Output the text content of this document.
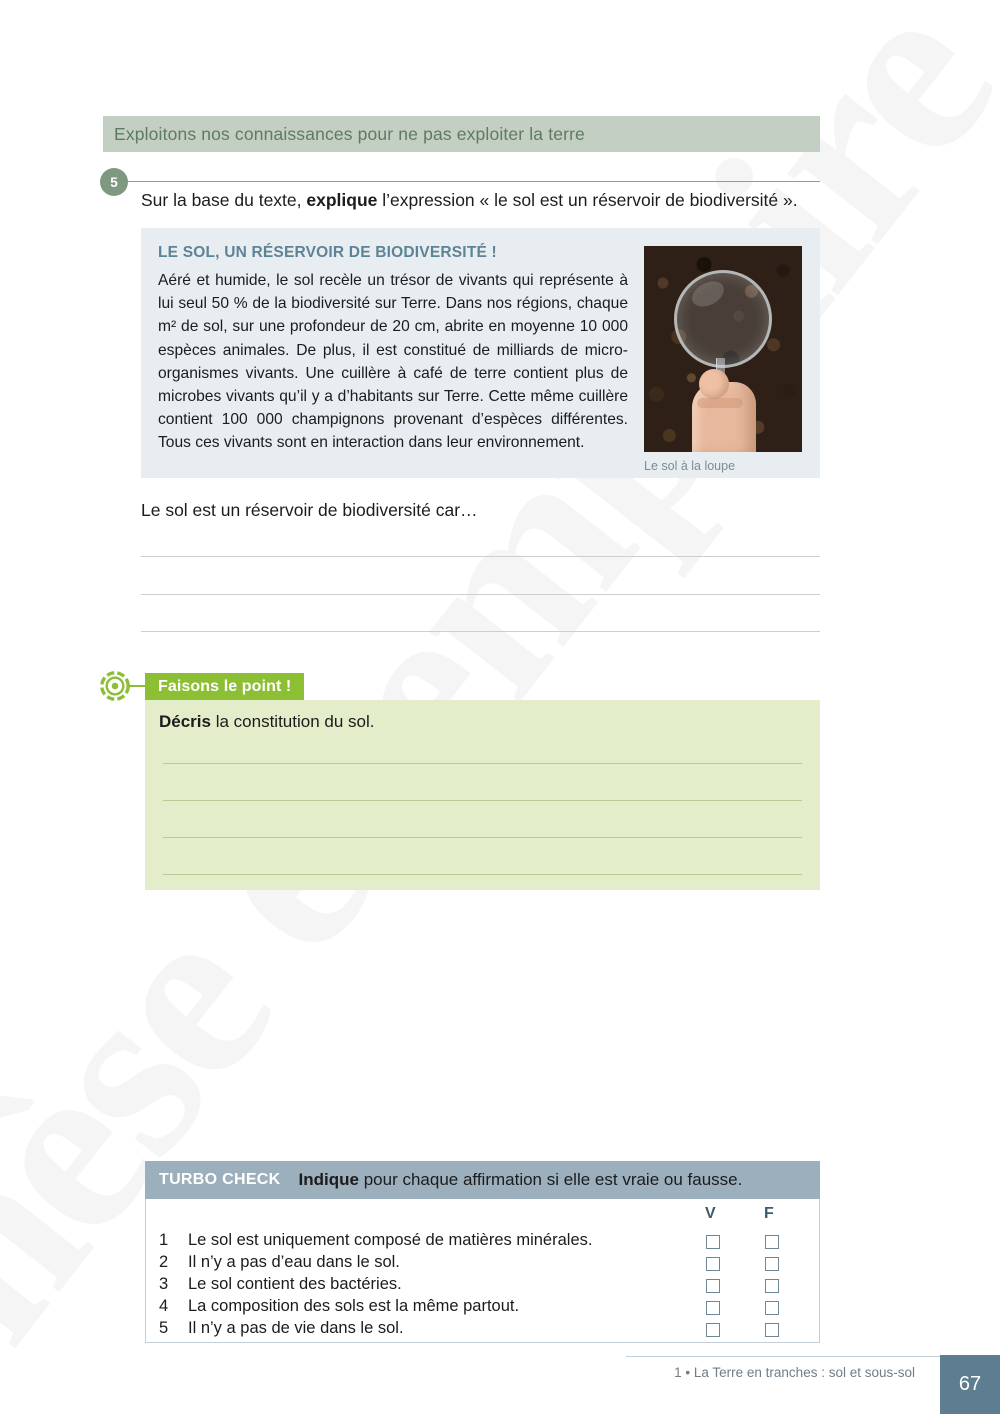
Exploitons nos connaissances pour ne pas exploiter la terre
5
Sur la base du texte, explique l’expression « le sol est un réservoir de biodiversité ».
LE SOL, UN RÉSERVOIR DE BIODIVERSITÉ !
Aéré et humide, le sol recèle un trésor de vivants qui représente à lui seul 50 % de la biodiversité sur Terre. Dans nos régions, chaque m² de sol, sur une profondeur de 20 cm, abrite en moyenne 10 000 espèces animales. De plus, il est constitué de milliards de micro-organismes vivants. Une cuillère à café de terre contient plus de microbes vivants qu’il y a d’habitants sur Terre. Cette même cuillère contient 100 000 champignons provenant d’espèces différentes. Tous ces vivants sont en interaction dans leur environnement.
Le sol à la loupe
Le sol est un réservoir de biodiversité car…
Faisons le point !
Décris la constitution du sol.
TURBO CHECK Indique pour chaque affirmation si elle est vraie ou fausse.
V	F
1 Le sol est uniquement composé de matières minérales.
2 Il n’y a pas d’eau dans le sol.
3 Le sol contient des bactéries.
4 La composition des sols est la même partout.
5 Il n’y a pas de vie dans le sol.
1 • La Terre en tranches : sol et sous-sol
67
